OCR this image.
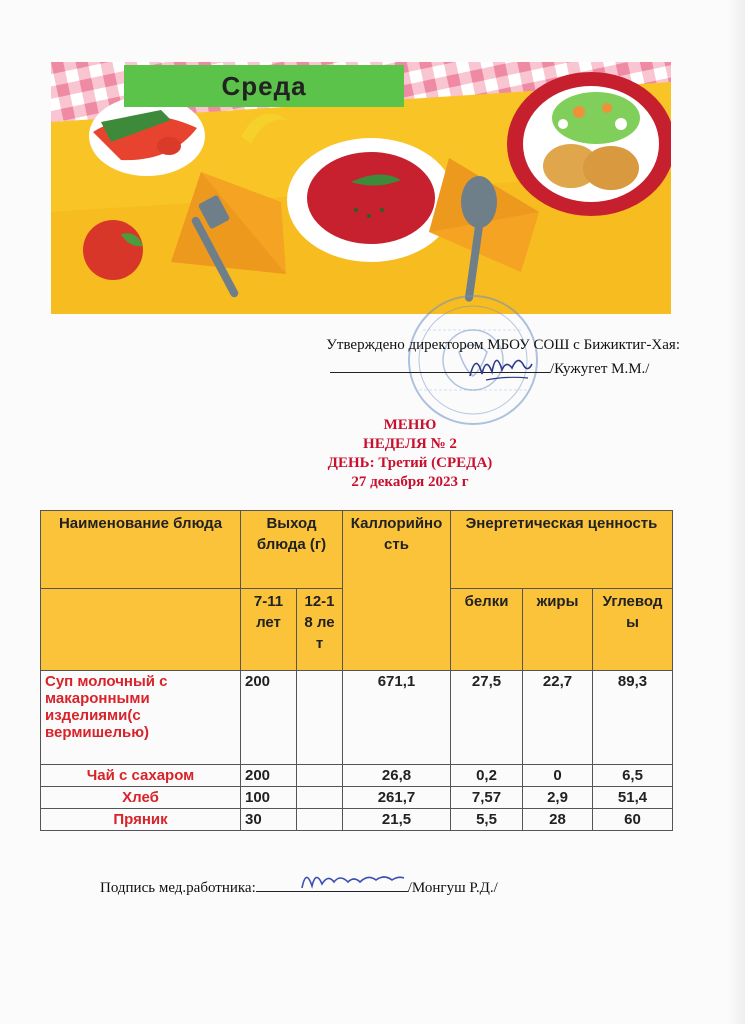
Среда
Утверждено директором МБОУ СОШ с Бижиктиг-Хая:
/Кужугет М.М./
МЕНЮ
НЕДЕЛЯ № 2
ДЕНЬ: Третий (СРЕДА)
27 декабря 2023 г
Наименование блюда	Выход блюда (г)		Каллорийность	Энергетическая ценность		

	7-11 лет	12-18 лет		белки	жиры	Углеводы
Суп молочный с макаронными изделиями(с вермишелью)	200		671,1	27,5	22,7	89,3
Чай с сахаром	200		26,8	0,2	0	6,5
Хлеб	100		261,7	7,57	2,9	51,4
Пряник	30		21,5	5,5	28	60
Подпись мед.работника:	/Монгуш Р.Д./
